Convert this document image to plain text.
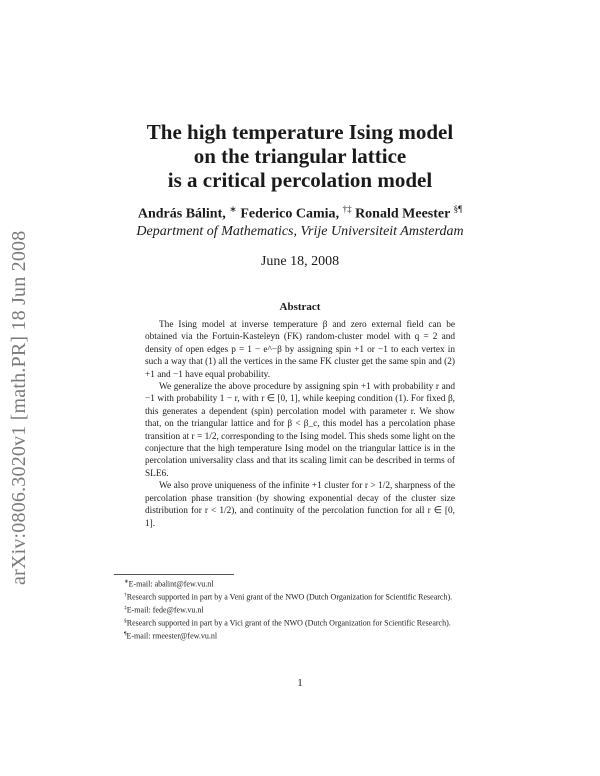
arXiv:0806.3020v1 [math.PR] 18 Jun 2008
The high temperature Ising model
on the triangular lattice
is a critical percolation model
András Bálint, ∗ Federico Camia, †‡ Ronald Meester §¶
Department of Mathematics, Vrije Universiteit Amsterdam
June 18, 2008
Abstract

The Ising model at inverse temperature β and zero external field can be obtained via the Fortuin-Kasteleyn (FK) random-cluster model with q = 2 and density of open edges p = 1 − e^−β by assigning spin +1 or −1 to each vertex in such a way that (1) all the vertices in the same FK cluster get the same spin and (2) +1 and −1 have equal probability.

We generalize the above procedure by assigning spin +1 with probability r and −1 with probability 1 − r, with r ∈ [0, 1], while keeping condition (1). For fixed β, this generates a dependent (spin) percolation model with parameter r. We show that, on the triangular lattice and for β < β_c, this model has a percolation phase transition at r = 1/2, corresponding to the Ising model. This sheds some light on the conjecture that the high temperature Ising model on the triangular lattice is in the percolation universality class and that its scaling limit can be described in terms of SLE6.

We also prove uniqueness of the infinite +1 cluster for r > 1/2, sharpness of the percolation phase transition (by showing exponential decay of the cluster size distribution for r < 1/2), and continuity of the percolation function for all r ∈ [0, 1].

∗E-mail: abalint@few.vu.nl

†Research supported in part by a Veni grant of the NWO (Dutch Organization for Scientific Research).

‡E-mail: fede@few.vu.nl

§Research supported in part by a Vici grant of the NWO (Dutch Organization for Scientific Research).

¶E-mail: rmeester@few.vu.nl

1
